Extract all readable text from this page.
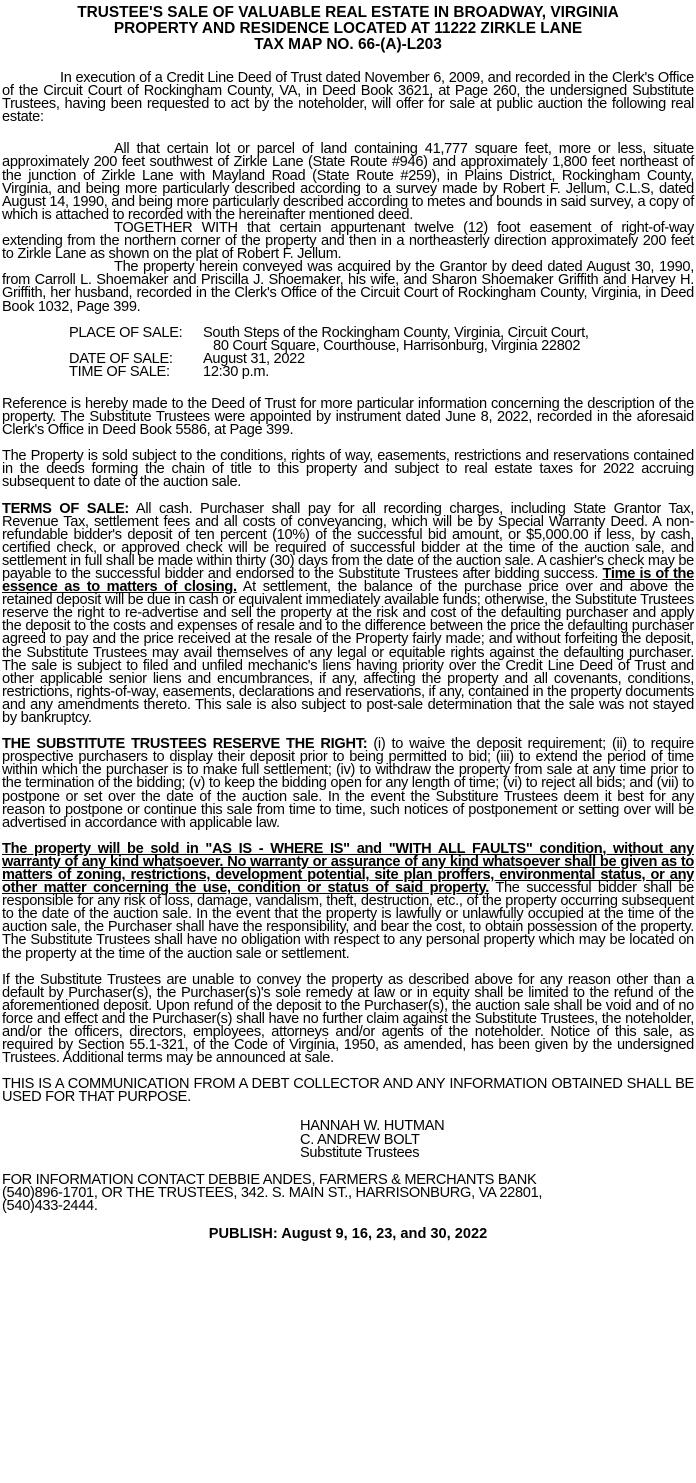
TRUSTEE'S SALE OF VALUABLE REAL ESTATE IN BROADWAY, VIRGINIA
PROPERTY AND RESIDENCE LOCATED AT 11222 ZIRKLE LANE
TAX MAP NO. 66-(A)-L203

In execution of a Credit Line Deed of Trust dated November 6, 2009, and recorded in the Clerk's Office of the Circuit Court of Rockingham County, VA, in Deed Book 3621, at Page 260, the undersigned Substitute Trustees, having been requested to act by the noteholder, will offer for sale at public auction the following real estate:

All that certain lot or parcel of land containing 41,777 square feet, more or less, situate approximately 200 feet southwest of Zirkle Lane (State Route #946) and approximately 1,800 feet northeast of the junction of Zirkle Lane with Mayland Road (State Route #259), in Plains District, Rockingham County, Virginia, and being more particularly described according to a survey made by Robert F. Jellum, C.L.S, dated August 14, 1990, and being more particularly described according to metes and bounds in said survey, a copy of which is attached to recorded with the hereinafter mentioned deed.

TOGETHER WITH that certain appurtenant twelve (12) foot easement of right-of-way extending from the northern corner of the property and then in a northeasterly direction approximately 200 feet to Zirkle Lane as shown on the plat of Robert F. Jellum.

The property herein conveyed was acquired by the Grantor by deed dated August 30, 1990, from Carroll L. Shoemaker and Priscilla J. Shoemaker, his wife, and Sharon Shoemaker Griffith and Harvey H. Griffith, her husband, recorded in the Clerk's Office of the Circuit Court of Rockingham County, Virginia, in Deed Book 1032, Page 399.

PLACE OF SALE:	South Steps of the Rockingham County, Virginia, Circuit Court,
80 Court Square, Courthouse, Harrisonburg, Virginia 22802
DATE OF SALE:	August 31, 2022
TIME OF SALE:	12:30 p.m.

Reference is hereby made to the Deed of Trust for more particular information concerning the description of the property. The Substitute Trustees were appointed by instrument dated June 8, 2022, recorded in the aforesaid Clerk's Office in Deed Book 5586, at Page 399.

The Property is sold subject to the conditions, rights of way, easements, restrictions and reservations contained in the deeds forming the chain of title to this property and subject to real estate taxes for 2022 accruing subsequent to date of the auction sale.

TERMS OF SALE: All cash. Purchaser shall pay for all recording charges, including State Grantor Tax, Revenue Tax, settlement fees and all costs of conveyancing, which will be by Special Warranty Deed. A non-refundable bidder's deposit of ten percent (10%) of the successful bid amount, or $5,000.00 if less, by cash, certified check, or approved check will be required of successful bidder at the time of the auction sale, and settlement in full shall be made within thirty (30) days from the date of the auction sale. A cashier's check may be payable to the successful bidder and endorsed to the Substitute Trustees after bidding success. Time is of the essence as to matters of closing. At settlement, the balance of the purchase price over and above the retained deposit will be due in cash or equivalent immediately available funds; otherwise, the Substitute Trustees reserve the right to re-advertise and sell the property at the risk and cost of the defaulting purchaser and apply the deposit to the costs and expenses of resale and to the difference between the price the defaulting purchaser agreed to pay and the price received at the resale of the Property fairly made; and without forfeiting the deposit, the Substitute Trustees may avail themselves of any legal or equitable rights against the defaulting purchaser. The sale is subject to filed and unfiled mechanic's liens having priority over the Credit Line Deed of Trust and other applicable senior liens and encumbrances, if any, affecting the property and all covenants, conditions, restrictions, rights-of-way, easements, declarations and reservations, if any, contained in the property documents and any amendments thereto. This sale is also subject to post-sale determination that the sale was not stayed by bankruptcy.

THE SUBSTITUTE TRUSTEES RESERVE THE RIGHT: (i) to waive the deposit requirement; (ii) to require prospective purchasers to display their deposit prior to being permitted to bid; (iii) to extend the period of time within which the purchaser is to make full settlement; (iv) to withdraw the property from sale at any time prior to the termination of the bidding; (v) to keep the bidding open for any length of time; (vi) to reject all bids; and (vii) to postpone or set over the date of the auction sale. In the event the Substiture Trustees deem it best for any reason to postpone or continue this sale from time to time, such notices of postponement or setting over will be advertised in accordance with applicable law.

The property will be sold in "AS IS - WHERE IS" and "WITH ALL FAULTS" condition, without any warranty of any kind whatsoever. No warranty or assurance of any kind whatsoever shall be given as to matters of zoning, restrictions, development potential, site plan proffers, environmental status, or any other matter concerning the use, condition or status of said property. The successful bidder shall be responsible for any risk of loss, damage, vandalism, theft, destruction, etc., of the property occurring subsequent to the date of the auction sale. In the event that the property is lawfully or unlawfully occupied at the time of the auction sale, the Purchaser shall have the responsibility, and bear the cost, to obtain possession of the property. The Substitute Trustees shall have no obligation with respect to any personal property which may be located on the property at the time of the auction sale or settlement.

If the Substitute Trustees are unable to convey the property as described above for any reason other than a default by Purchaser(s), the Purchaser(s)'s sole remedy at law or in equity shall be limited to the refund of the aforementioned deposit. Upon refund of the deposit to the Purchaser(s), the auction sale shall be void and of no force and effect and the Purchaser(s) shall have no further claim against the Substitute Trustees, the noteholder, and/or the officers, directors, employees, attorneys and/or agents of the noteholder. Notice of this sale, as required by Section 55.1-321, of the Code of Virginia, 1950, as amended, has been given by the undersigned Trustees. Additional terms may be announced at sale.

THIS IS A COMMUNICATION FROM A DEBT COLLECTOR AND ANY INFORMATION OBTAINED SHALL BE USED FOR THAT PURPOSE.

HANNAH W. HUTMAN
C. ANDREW BOLT
Substitute Trustees
FOR INFORMATION CONTACT DEBBIE ANDES, FARMERS & MERCHANTS BANK
(540)896-1701, OR THE TRUSTEES, 342. S. MAIN ST., HARRISONBURG, VA 22801,
(540)433-2444.
PUBLISH: August 9, 16, 23, and 30, 2022
